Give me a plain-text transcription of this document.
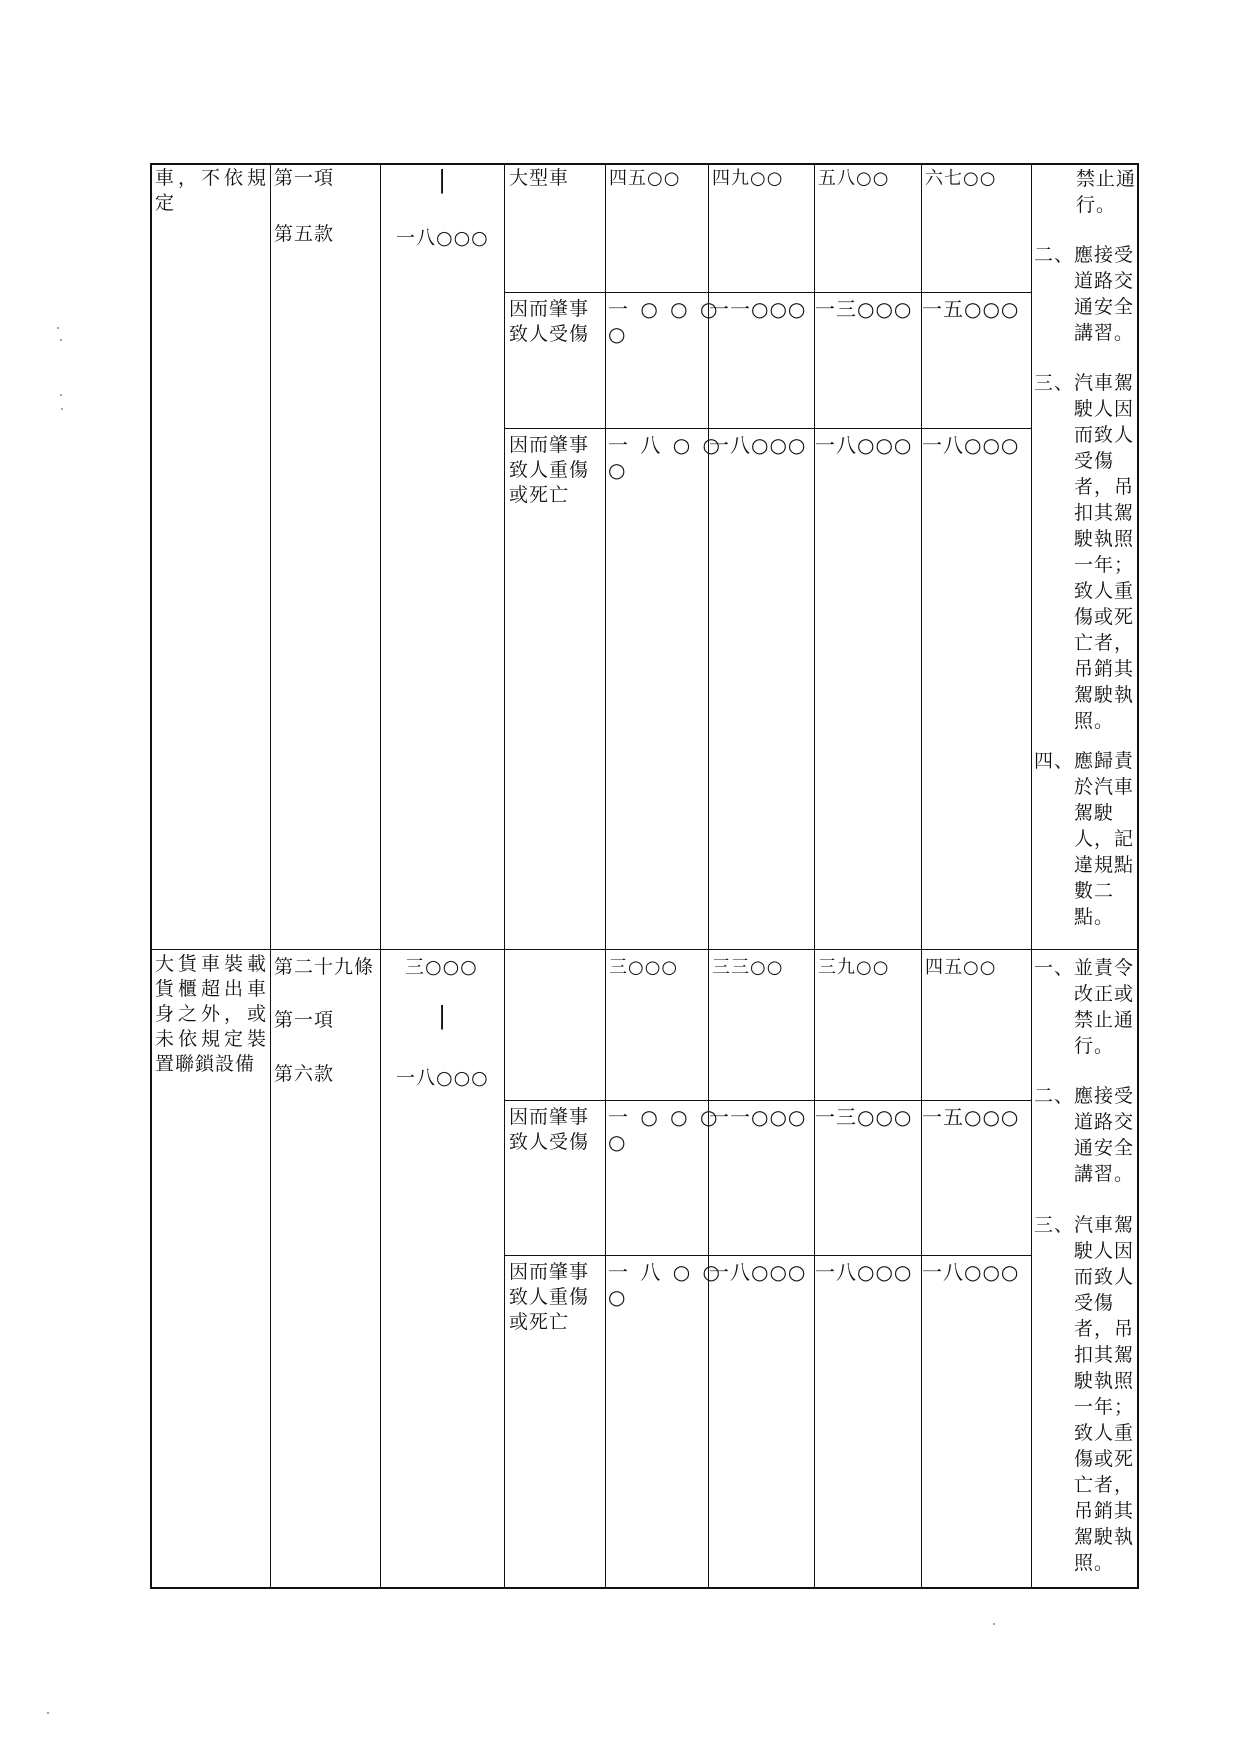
車，不依規
定
第一項
第五款
|
一八○○○
大型車 四五○○ 四九○○ 五八○○ 六七○○
因而肇事
致人受傷
一 ○ ○ ○
○
一一○○○ 一三○○○ 一五○○○
因而肇事
致人重傷
或死亡
一 八 ○ ○
○
一八○○○ 一八○○○ 一八○○○
禁止通
行。
二、 應接受
道路交
通安全
講習。
三、 汽車駕
駛人因
而致人
受傷
者，吊
扣其駕
駛執照
一年；
致人重
傷或死
亡者，
吊銷其
駕駛執
照。
四、 應歸責
於汽車
駕駛
人，記
違規點
數二
點。
大貨車裝載
貨櫃超出車
身之外，或
未依規定裝
置聯鎖設備
第二十九條
第一項
第六款
三○○○
|
一八○○○
三○○○ 三三○○ 三九○○ 四五○○
因而肇事
致人受傷
一 ○ ○ ○
○
一一○○○ 一三○○○ 一五○○○
因而肇事
致人重傷
或死亡
一 八 ○ ○
○
一八○○○ 一八○○○ 一八○○○
一、 並責令
改正或
禁止通
行。
二、 應接受
道路交
通安全
講習。
三、 汽車駕
駛人因
而致人
受傷
者，吊
扣其駕
駛執照
一年；
致人重
傷或死
亡者，
吊銷其
駕駛執
照。
